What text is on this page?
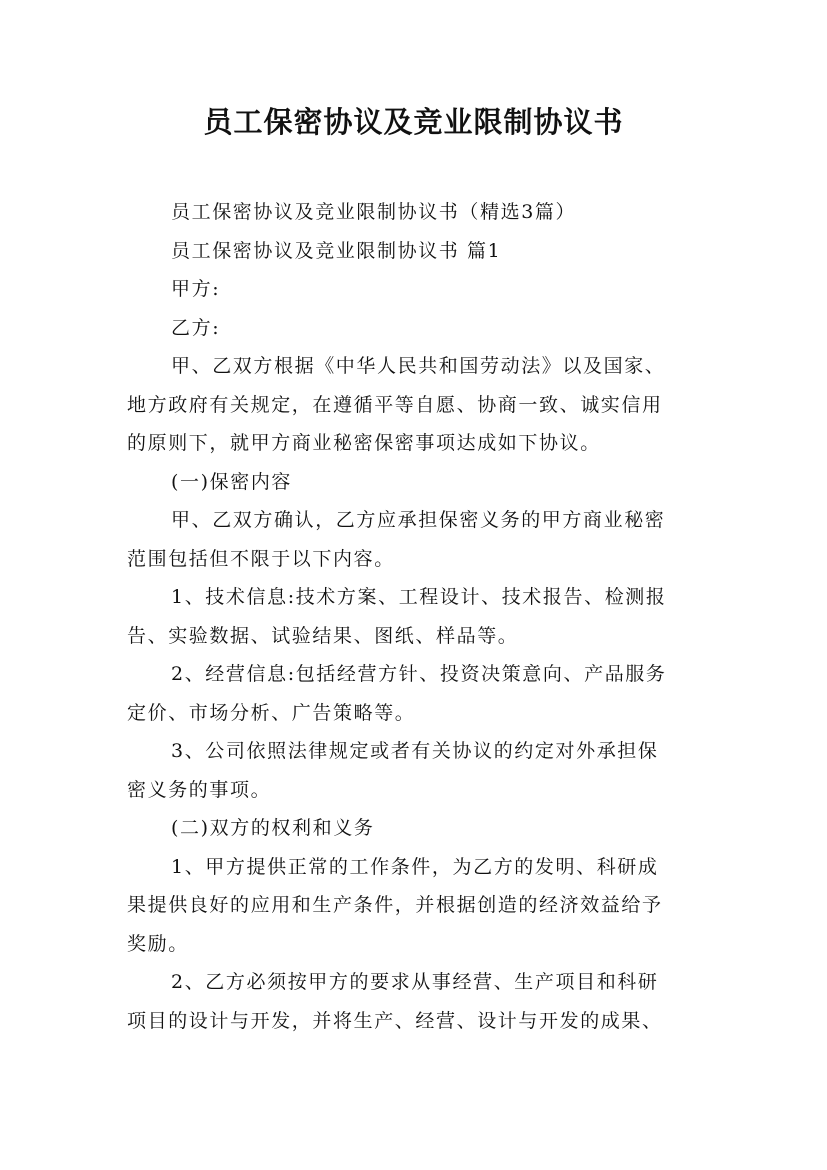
员工保密协议及竞业限制协议书
员工保密协议及竞业限制协议书（精选3篇）
员工保密协议及竞业限制协议书 篇1
甲方:
乙方:
甲、乙双方根据《中华人民共和国劳动法》以及国家、
地方政府有关规定，在遵循平等自愿、协商一致、诚实信用
的原则下，就甲方商业秘密保密事项达成如下协议。
(一)保密内容
甲、乙双方确认，乙方应承担保密义务的甲方商业秘密
范围包括但不限于以下内容。
1、技术信息:技术方案、工程设计、技术报告、检测报
告、实验数据、试验结果、图纸、样品等。
2、经营信息:包括经营方针、投资决策意向、产品服务
定价、市场分析、广告策略等。
3、公司依照法律规定或者有关协议的约定对外承担保
密义务的事项。
(二)双方的权利和义务
1、甲方提供正常的工作条件，为乙方的发明、科研成
果提供良好的应用和生产条件，并根据创造的经济效益给予
奖励。
2、乙方必须按甲方的要求从事经营、生产项目和科研
项目的设计与开发，并将生产、经营、设计与开发的成果、
